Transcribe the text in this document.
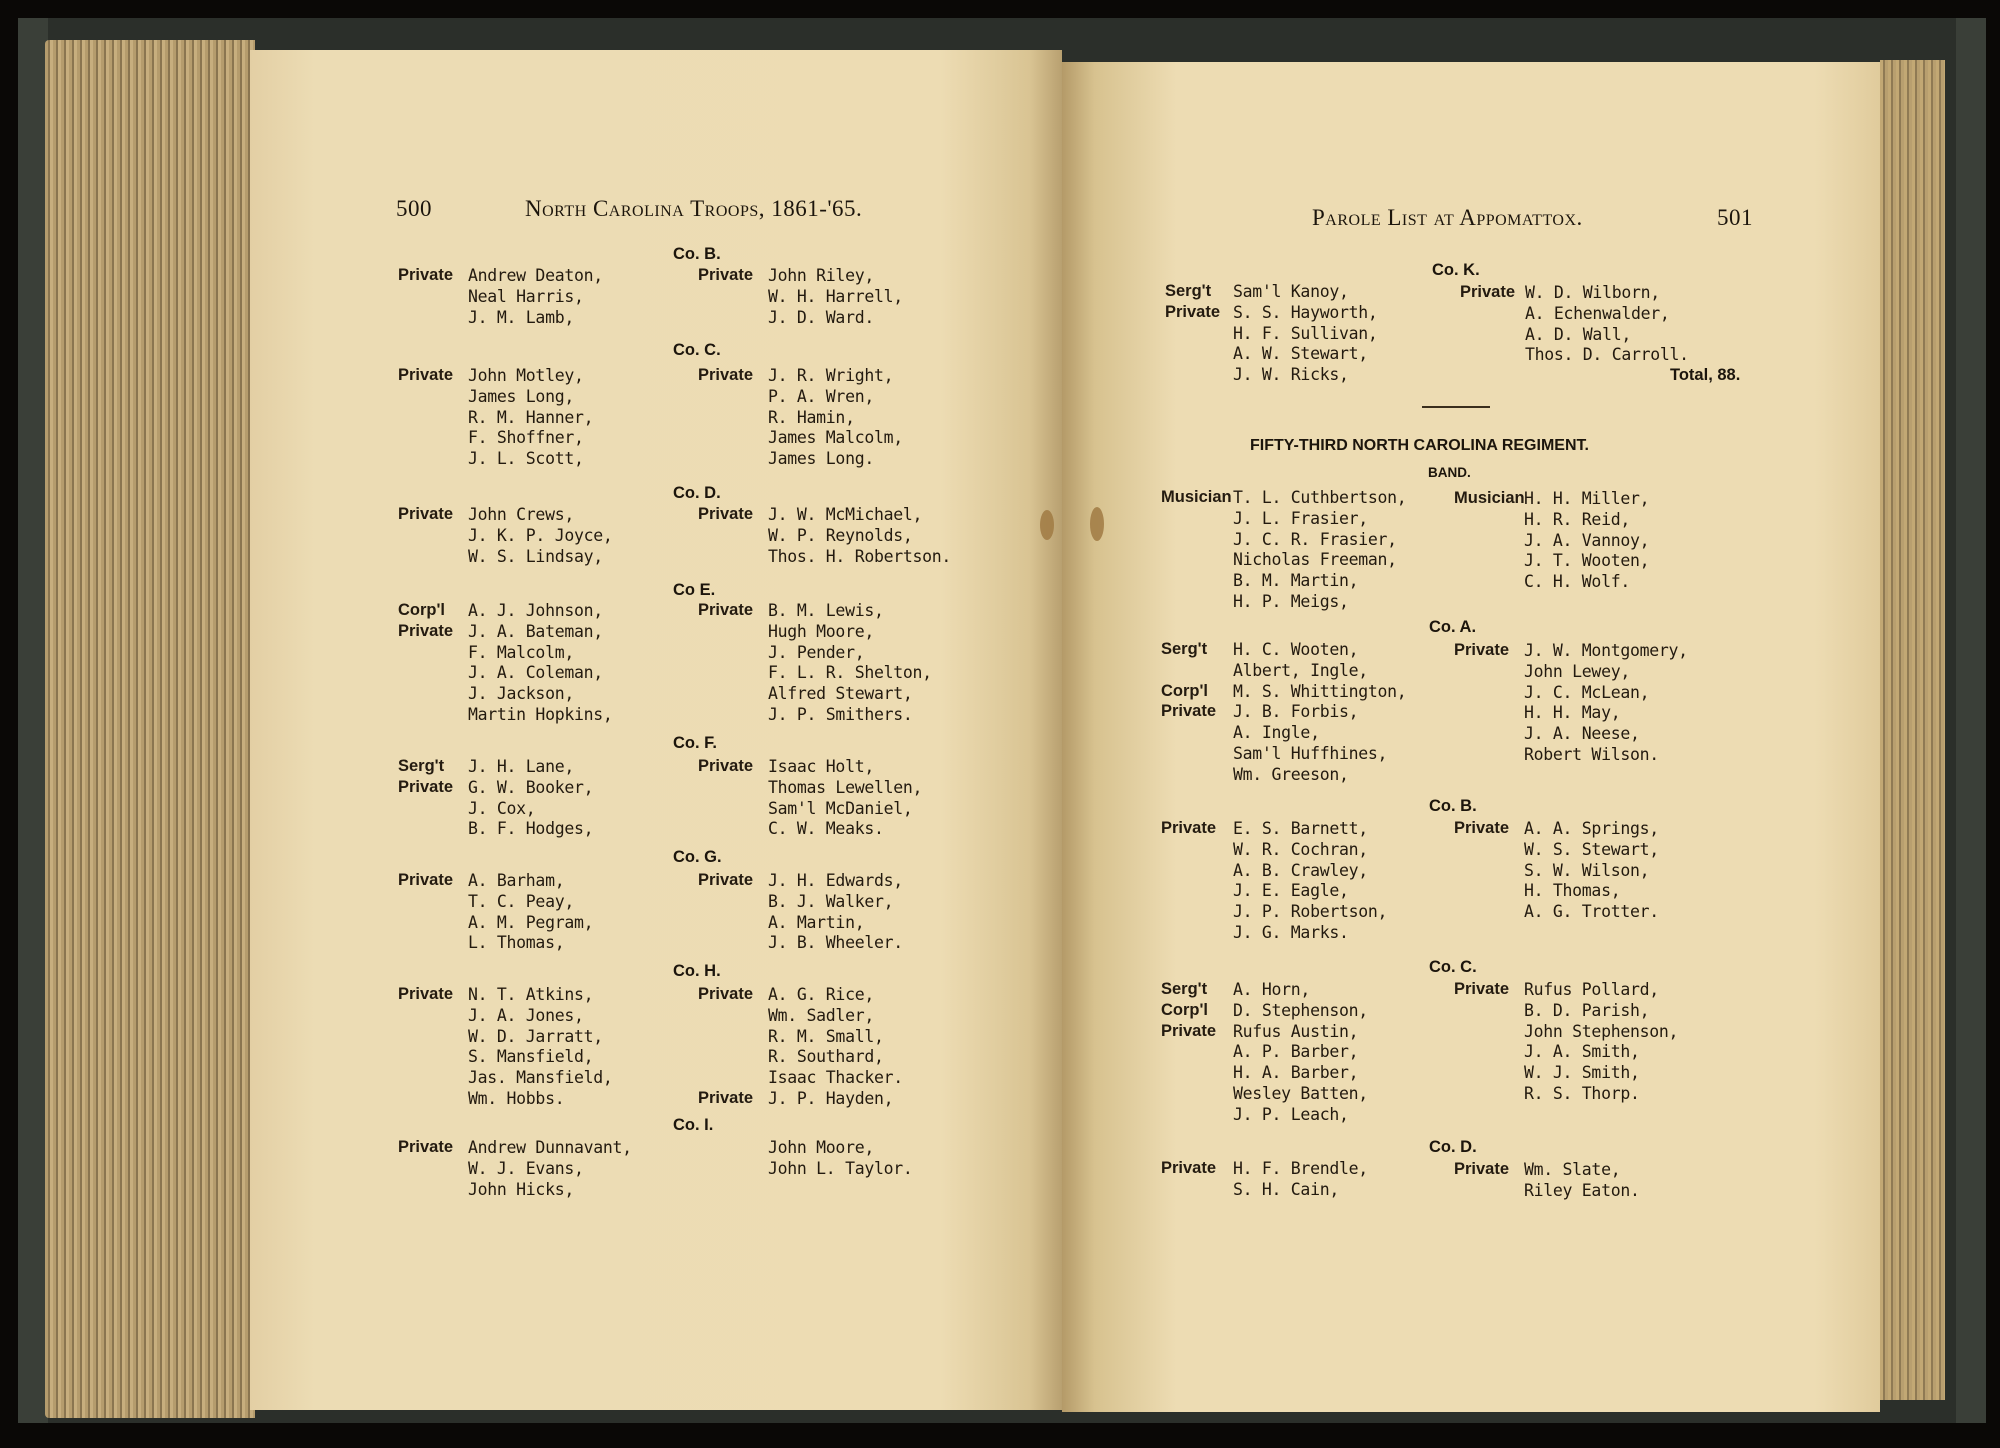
500	North Carolina Troops, 1861-'65.
Private Andrew Deaton,
Neal Harris,
J. M. Lamb,
Private John Motley,
James Long,
R. M. Hanner,
F. Shoffner,
J. L. Scott,
Private John Crews,
J. K. P. Joyce,
W. S. Lindsay,
Corp'l A. J. Johnson,
Private J. A. Bateman,
F. Malcolm,
J. A. Coleman,
J. Jackson,
Martin Hopkins,
Serg't J. H. Lane,
Private G. W. Booker,
J. Cox,
B. F. Hodges,
Private A. Barham,
T. C. Peay,
A. M. Pegram,
L. Thomas,
Private N. T. Atkins,
J. A. Jones,
W. D. Jarratt,
S. Mansfield,
Jas. Mansfield,
Wm. Hobbs.
Private Andrew Dunnavant,
W. J. Evans,
John Hicks,
Co. B.
Co. C.
Co. D.
Co E.
Co. F.
Co. G.
Co. H.
Co. I.
Private John Riley,
W. H. Harrell,
J. D. Ward.
Private J. R. Wright,
P. A. Wren,
R. Hamin,
James Malcolm,
James Long.
Private J. W. McMichael,
W. P. Reynolds,
Thos. H. Robertson.
Private B. M. Lewis,
Hugh Moore,
J. Pender,
F. L. R. Shelton,
Alfred Stewart,
J. P. Smithers.
Private Isaac Holt,
Thomas Lewellen,
Sam'l McDaniel,
C. W. Meaks.
Private J. H. Edwards,
B. J. Walker,
A. Martin,
J. B. Wheeler.
Private A. G. Rice,
Wm. Sadler,
R. M. Small,
R. Southard,
Isaac Thacker.
Private J. P. Hayden,
John Moore,
John L. Taylor.
Parole List at Appomattox.	501
Serg't Sam'l Kanoy,
Private S. S. Hayworth,
H. F. Sullivan,
A. W. Stewart,
J. W. Ricks,
Co. K.
Private W. D. Wilborn,
A. Echenwalder,
A. D. Wall,
Thos. D. Carroll.
Total, 88.
FIFTY-THIRD NORTH CAROLINA REGIMENT.
BAND.
Musician T. L. Cuthbertson,
J. L. Frasier,
J. C. R. Frasier,
Nicholas Freeman,
B. M. Martin,
H. P. Meigs,
Serg't H. C. Wooten,
Albert, Ingle,
Corp'l M. S. Whittington,
Private J. B. Forbis,
A. Ingle,
Sam'l Huffhines,
Wm. Greeson,
Private E. S. Barnett,
W. R. Cochran,
A. B. Crawley,
J. E. Eagle,
J. P. Robertson,
J. G. Marks.
Serg't A. Horn,
Corp'l D. Stephenson,
Private Rufus Austin,
A. P. Barber,
H. A. Barber,
Wesley Batten,
J. P. Leach,
Private H. F. Brendle,
S. H. Cain,
Co. A.
Co. B.
Co. C.
Co. D.
Musician H. H. Miller,
H. R. Reid,
J. A. Vannoy,
J. T. Wooten,
C. H. Wolf.
Private J. W. Montgomery,
John Lewey,
J. C. McLean,
H. H. May,
J. A. Neese,
Robert Wilson.
Private A. A. Springs,
W. S. Stewart,
S. W. Wilson,
H. Thomas,
A. G. Trotter.
Private Rufus Pollard,
B. D. Parish,
John Stephenson,
J. A. Smith,
W. J. Smith,
R. S. Thorp.
Private Wm. Slate,
Riley Eaton.
